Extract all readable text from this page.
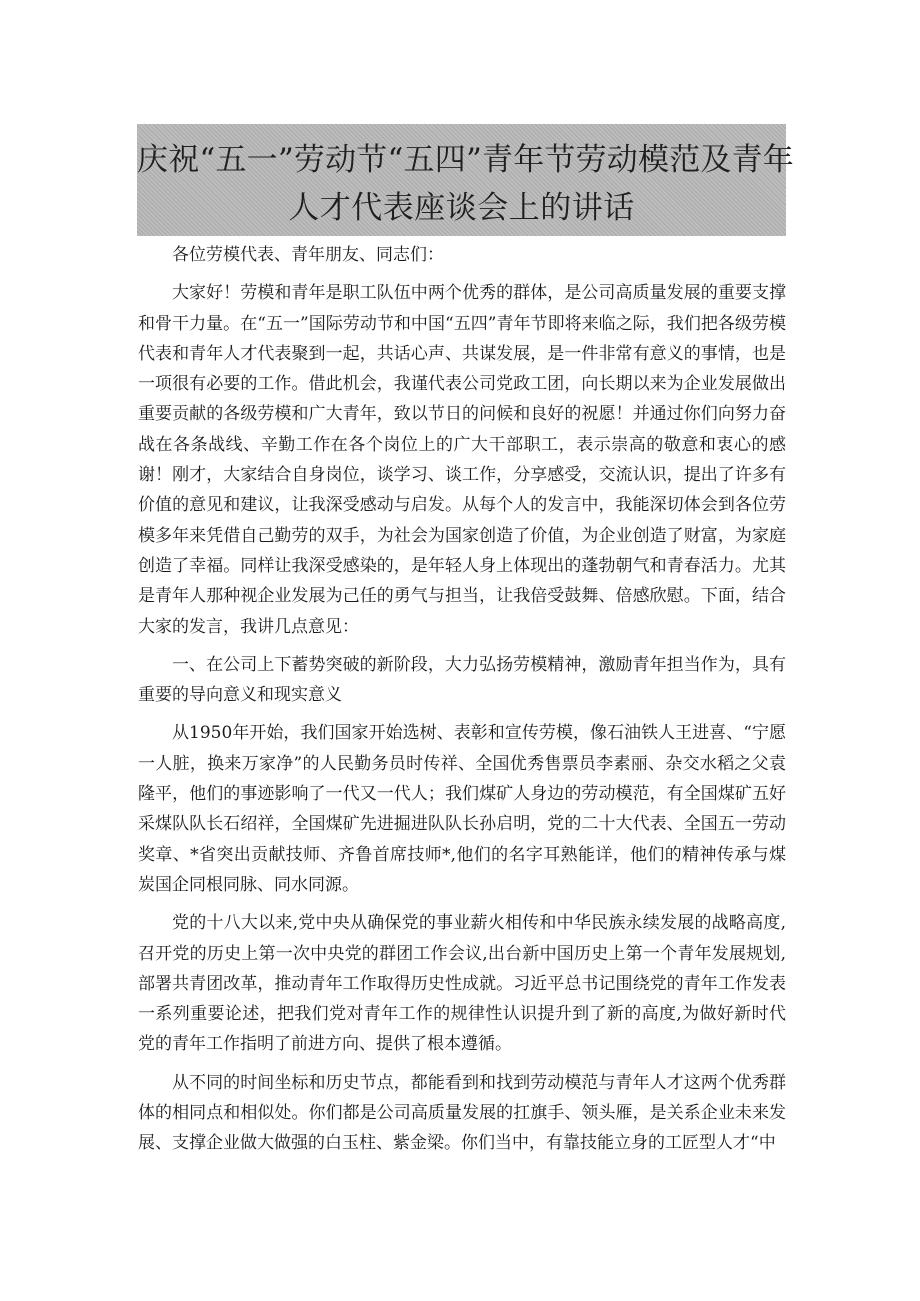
庆祝“五一”劳动节“五四”青年节劳动模范及青年
人才代表座谈会上的讲话

各位劳模代表、青年朋友、同志们：

大家好！劳模和青年是职工队伍中两个优秀的群体，是公司高质量发展的重要支撑和骨干力量。在“五一”国际劳动节和中国“五四”青年节即将来临之际，我们把各级劳模代表和青年人才代表聚到一起，共话心声、共谋发展，是一件非常有意义的事情，也是一项很有必要的工作。借此机会，我谨代表公司党政工团，向长期以来为企业发展做出重要贡献的各级劳模和广大青年，致以节日的问候和良好的祝愿！并通过你们向努力奋战在各条战线、辛勤工作在各个岗位上的广大干部职工，表示崇高的敬意和衷心的感谢！刚才，大家结合自身岗位，谈学习、谈工作，分享感受，交流认识，提出了许多有价值的意见和建议，让我深受感动与启发。从每个人的发言中，我能深切体会到各位劳模多年来凭借自己勤劳的双手，为社会为国家创造了价值，为企业创造了财富，为家庭创造了幸福。同样让我深受感染的，是年轻人身上体现出的蓬勃朝气和青春活力。尤其是青年人那种视企业发展为己任的勇气与担当，让我倍受鼓舞、倍感欣慰。下面，结合大家的发言，我讲几点意见：

一、在公司上下蓄势突破的新阶段，大力弘扬劳模精神，激励青年担当作为，具有重要的导向意义和现实意义

从1950年开始，我们国家开始选树、表彰和宣传劳模，像石油铁人王进喜、“宁愿一人脏，换来万家净”的人民勤务员时传祥、全国优秀售票员李素丽、杂交水稻之父袁隆平，他们的事迹影响了一代又一代人；我们煤矿人身边的劳动模范，有全国煤矿五好采煤队队长石绍祥，全国煤矿先进掘进队队长孙启明，党的二十大代表、全国五一劳动奖章、*省突出贡献技师、齐鲁首席技师*,他们的名字耳熟能详，他们的精神传承与煤炭国企同根同脉、同水同源。

党的十八大以来,党中央从确保党的事业薪火相传和中华民族永续发展的战略高度,召开党的历史上第一次中央党的群团工作会议,出台新中国历史上第一个青年发展规划,部署共青团改革，推动青年工作取得历史性成就。习近平总书记围绕党的青年工作发表一系列重要论述，把我们党对青年工作的规律性认识提升到了新的高度,为做好新时代党的青年工作指明了前进方向、提供了根本遵循。

从不同的时间坐标和历史节点，都能看到和找到劳动模范与青年人才这两个优秀群体的相同点和相似处。你们都是公司高质量发展的扛旗手、领头雁，是关系企业未来发展、支撑企业做大做强的白玉柱、紫金梁。你们当中，有靠技能立身的工匠型人才“中
